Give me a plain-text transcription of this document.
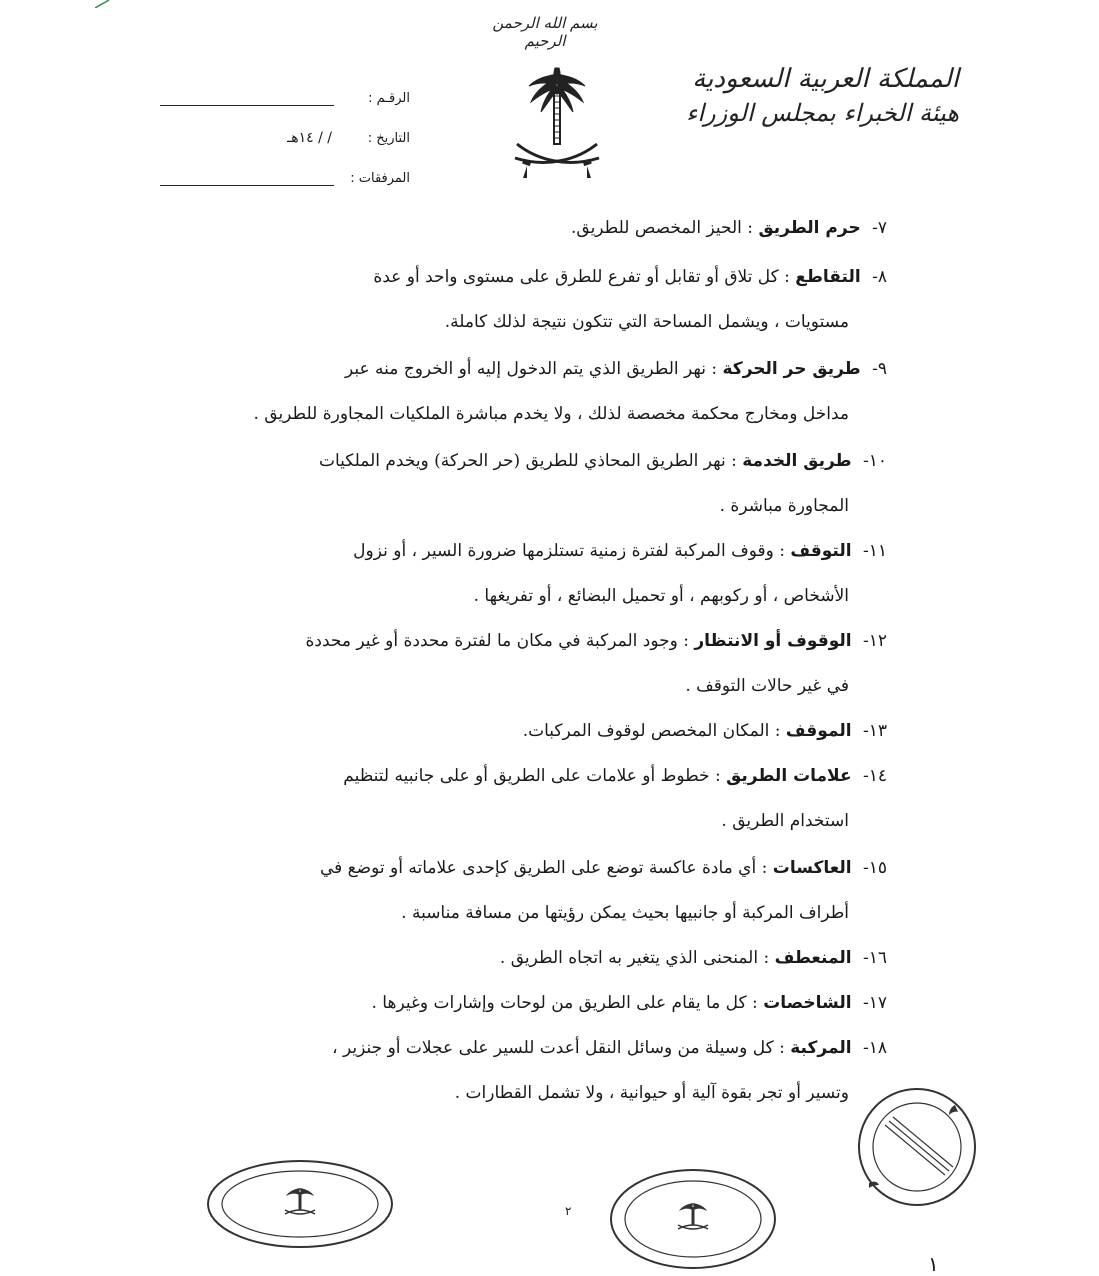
بسم الله الرحمن الرحيم
المملكة العربية السعودية
هيئة الخبراء بمجلس الوزراء
الرقـم :
التاريخ :
/ / ١٤هـ
المرفقات :
٧- حرم الطريق : الحيز المخصص للطريق.
٨- التقاطع : كل تلاق أو تقابل أو تفرع للطرق على مستوى واحد أو عدة
مستويات ، ويشمل المساحة التي تتكون نتيجة لذلك كاملة.
٩- طريق حر الحركة : نهر الطريق الذي يتم الدخول إليه أو الخروج منه عبر
مداخل ومخارج محكمة مخصصة لذلك ، ولا يخدم مباشرة الملكيات المجاورة للطريق .
١٠- طريق الخدمة : نهر الطريق المحاذي للطريق (حر الحركة) ويخدم الملكيات
المجاورة مباشرة .
١١- التوقف : وقوف المركبة لفترة زمنية تستلزمها ضرورة السير ، أو نزول
الأشخاص ، أو ركوبهم ، أو تحميل البضائع ، أو تفريغها .
١٢- الوقوف أو الانتظار : وجود المركبة في مكان ما لفترة محددة أو غير محددة
في غير حالات التوقف .
١٣- الموقف : المكان المخصص لوقوف المركبات.
١٤- علامات الطريق : خطوط أو علامات على الطريق أو على جانبيه لتنظيم
استخدام الطريق .
١٥- العاكسات : أي مادة عاكسة توضع على الطريق كإحدى علاماته أو توضع في
أطراف المركبة أو جانبيها بحيث يمكن رؤيتها من مسافة مناسبة .
١٦- المنعطف : المنحنى الذي يتغير به اتجاه الطريق .
١٧- الشاخصات : كل ما يقام على الطريق من لوحات وإشارات وغيرها .
١٨- المركبة : كل وسيلة من وسائل النقل أعدت للسير على عجلات أو جنزير ،
وتسير أو تجر بقوة آلية أو حيوانية ، ولا تشمل القطارات .
٢
١
